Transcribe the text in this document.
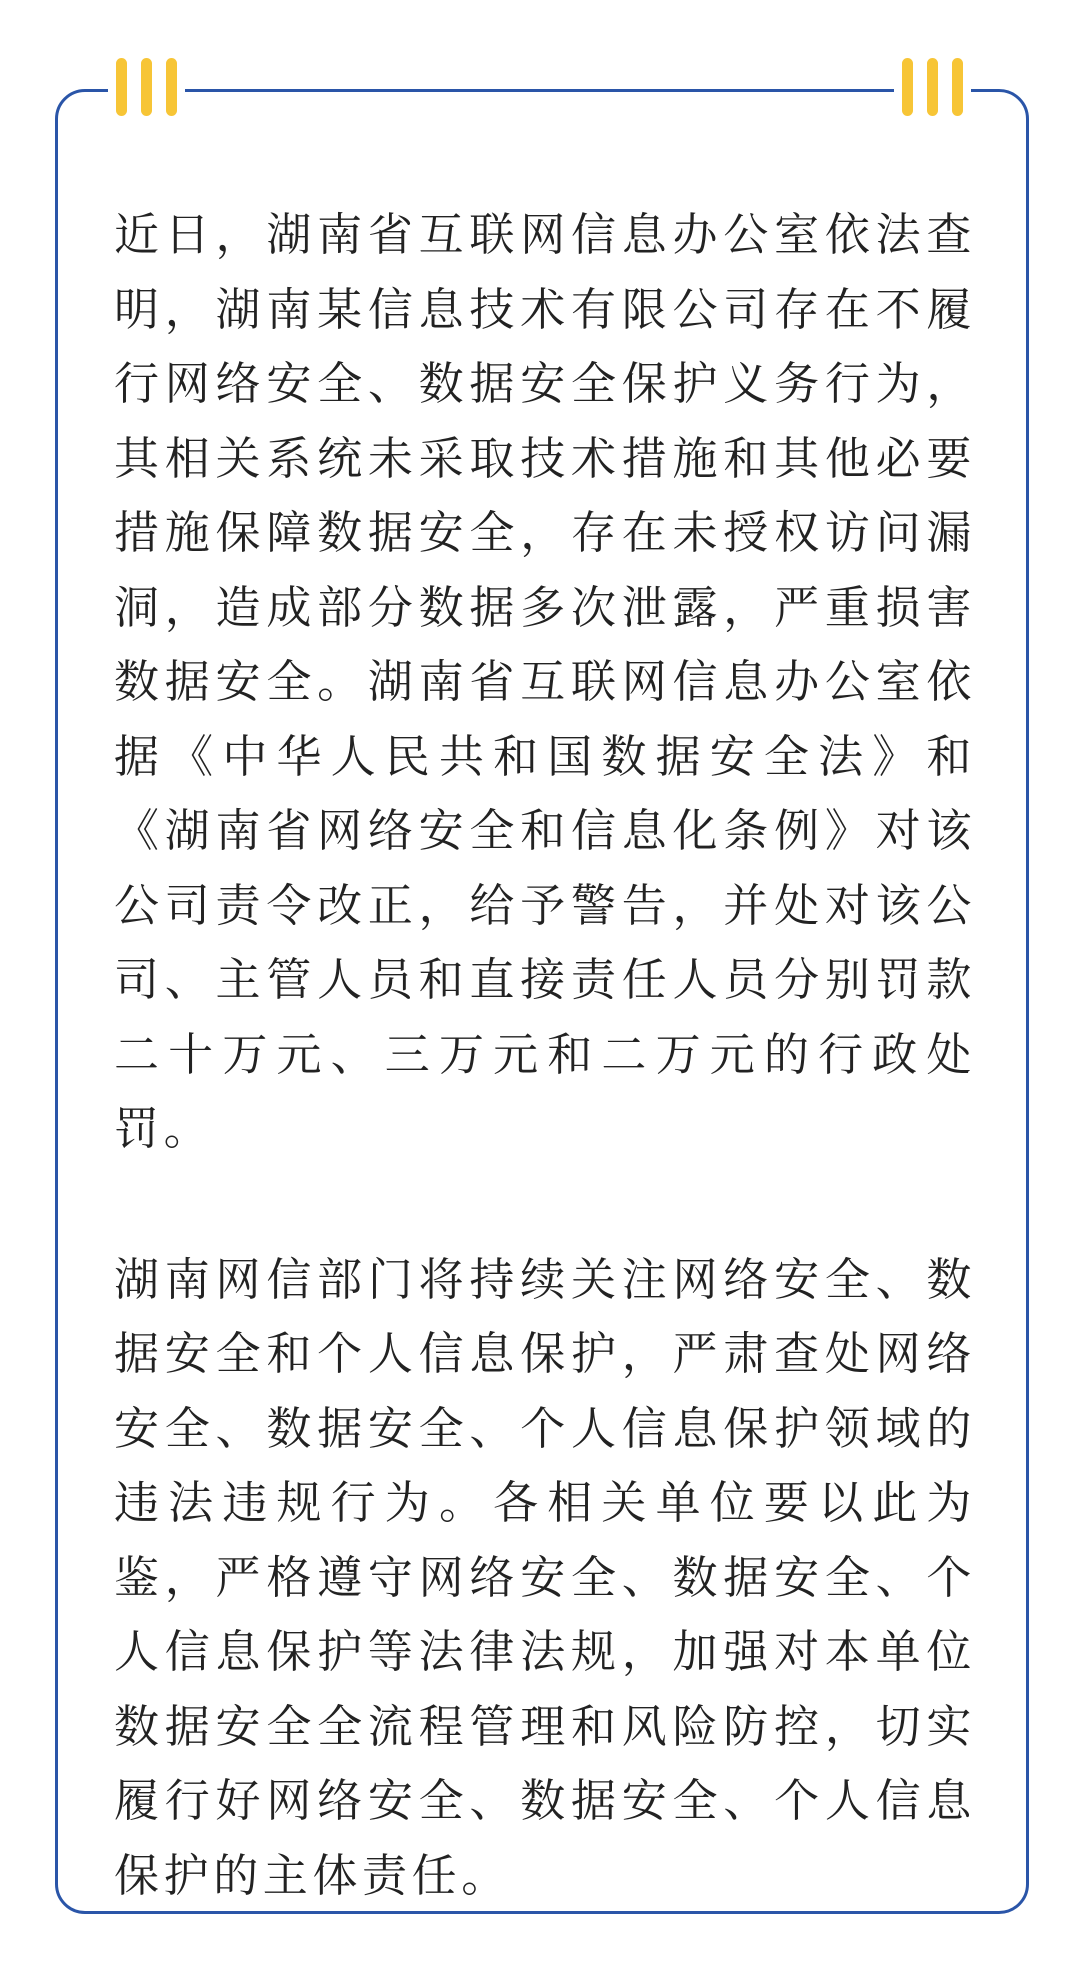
近日，湖南省互联网信息办公室依法查明，湖南某信息技术有限公司存在不履行网络安全、数据安全保护义务行为，其相关系统未采取技术措施和其他必要措施保障数据安全，存在未授权访问漏洞，造成部分数据多次泄露，严重损害数据安全。湖南省互联网信息办公室依据《中华人民共和国数据安全法》和《湖南省网络安全和信息化条例》对该公司责令改正，给予警告，并处对该公司、主管人员和直接责任人员分别罚款二十万元、三万元和二万元的行政处罚。

湖南网信部门将持续关注网络安全、数据安全和个人信息保护，严肃查处网络安全、数据安全、个人信息保护领域的违法违规行为。各相关单位要以此为鉴，严格遵守网络安全、数据安全、个人信息保护等法律法规，加强对本单位数据安全全流程管理和风险防控，切实履行好网络安全、数据安全、个人信息保护的主体责任。
